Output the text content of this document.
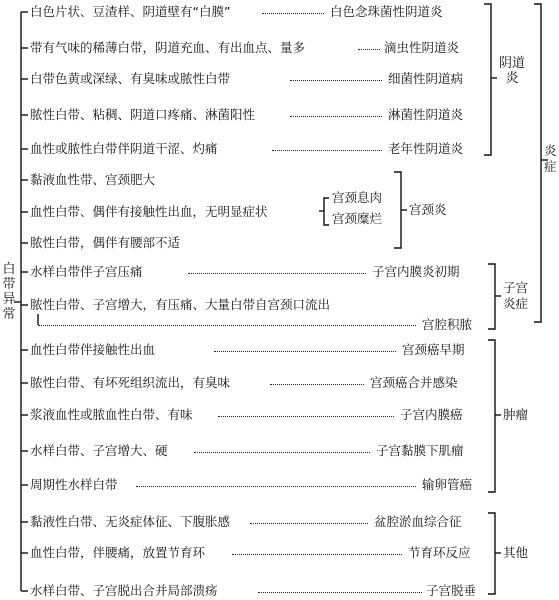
白
带
异
常
白色片状、豆渣样、阴道壁有“白膜”	白色念珠菌性阴道炎
带有气味的稀薄白带，阴道充血、有出血点、量多	滴虫性阴道炎
白带色黄或深绿、有臭味或脓性白带	细菌性阴道病
脓性白带、粘稠、阴道口疼痛、淋菌阳性	淋菌性阴道炎
血性或脓性白带伴阴道干涩、灼痛	老年性阴道炎
阴道炎
黏液血性带、宫颈肥大
血性白带、偶伴有接触性出血，无明显症状
宫颈息肉
宫颈糜烂
脓性白带，偶伴有腰部不适
宫颈炎
水样白带伴子宫压痛	子宫内膜炎初期
脓性白带、子宫增大，有压痛、大量白带自宫颈口流出
宫腔积脓
子宫炎症
炎症
血性白带伴接触性出血	宫颈癌早期
脓性白带、有坏死组织流出，有臭味	宫颈癌合并感染
浆液血性或脓血性白带、有味	子宫内膜癌
水样白带、子宫增大、硬	子宫黏膜下肌瘤
周期性水样白带	输卵管癌
肿瘤
黏液性白带、无炎症体征、下腹胀感	盆腔淤血综合征
血性白带，伴腰痛，放置节育环	节育环反应
水样白带、子宫脱出合并局部溃疡	子宫脱垂
其他
